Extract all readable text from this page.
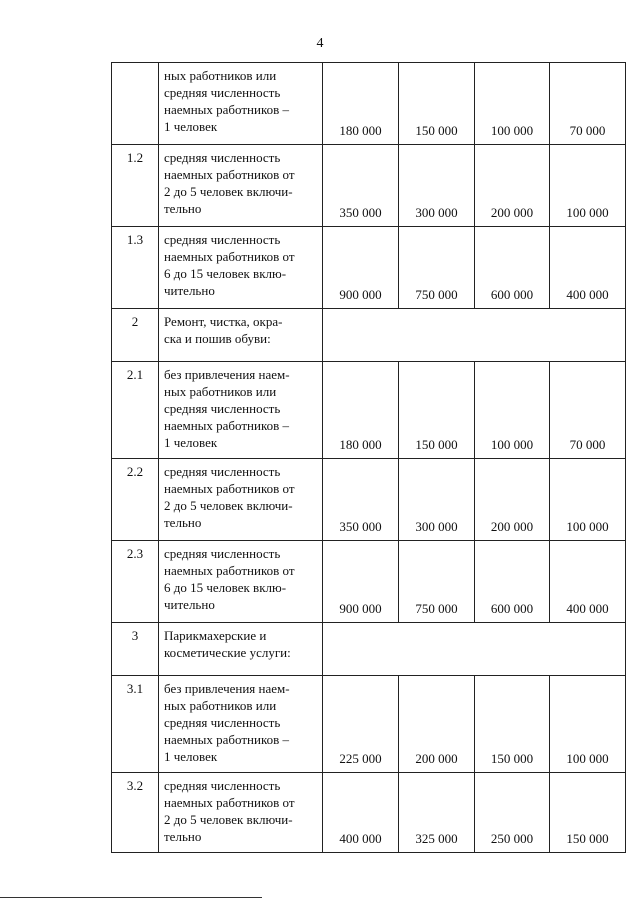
4

	ных работников или
средняя численность
наемных работников –
1 человек	180 000	150 000	100 000	70 000
1.2	средняя численность
наемных работников от
2 до 5 человек включи-
тельно	350 000	300 000	200 000	100 000
1.3	средняя численность
наемных работников от
6 до 15 человек вклю-
чительно	900 000	750 000	600 000	400 000
2	Ремонт, чистка, окра-
ска и пошив обуви:				

2.1	без привлечения наем-
ных работников или
средняя численность
наемных работников –
1 человек	180 000	150 000	100 000	70 000
2.2	средняя численность
наемных работников от
2 до 5 человек включи-
тельно	350 000	300 000	200 000	100 000
2.3	средняя численность
наемных работников от
6 до 15 человек вклю-
чительно	900 000	750 000	600 000	400 000
3	Парикмахерские и
косметические услуги:				

3.1	без привлечения наем-
ных работников или
средняя численность
наемных работников –
1 человек	225 000	200 000	150 000	100 000
3.2	средняя численность
наемных работников от
2 до 5 человек включи-
тельно	400 000	325 000	250 000	150 000
